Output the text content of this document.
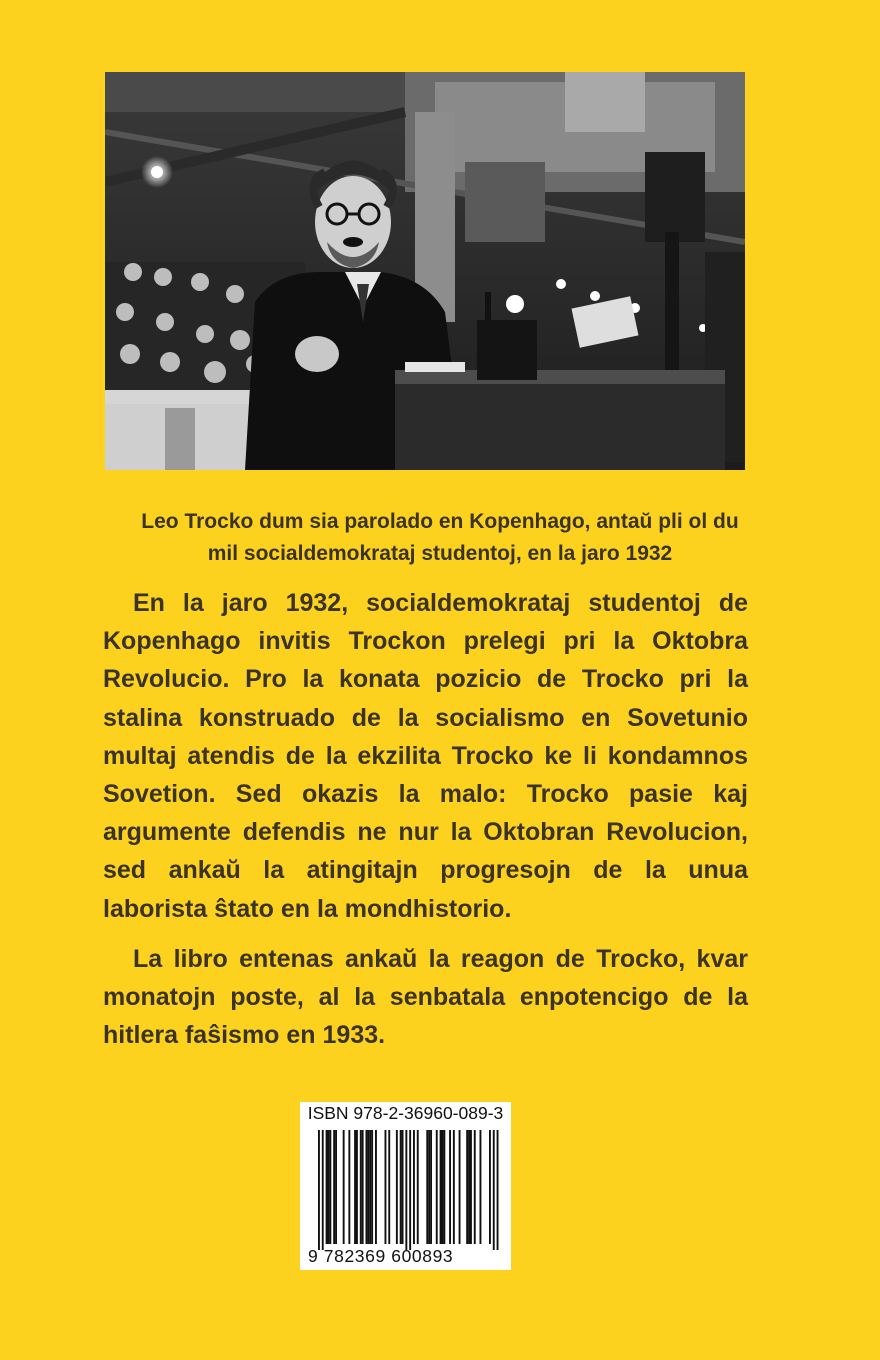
Leo Trocko dum sia parolado en Kopenhago, antaŭ pli ol du
mil socialdemokrataj studentoj, en la jaro 1932

En la jaro 1932, socialdemokrataj studentoj de Kopenhago invitis Trockon prelegi pri la Oktobra Revolucio. Pro la konata pozicio de Trocko pri la stalina konstruado de la socialismo en Sovetunio multaj atendis de la ekzilita Trocko ke li kondamnos Sovetion. Sed okazis la malo: Trocko pasie kaj argumente defendis ne nur la Oktobran Revolucion, sed ankaŭ la atingitajn progresojn de la unua laborista ŝtato en la mondhistorio.

La libro entenas ankaŭ la reagon de Trocko, kvar monatojn poste, al la senbatala enpotencigo de la hitlera faŝismo en 1933.

ISBN 978-2-36960-089-3
9 782369 600893
